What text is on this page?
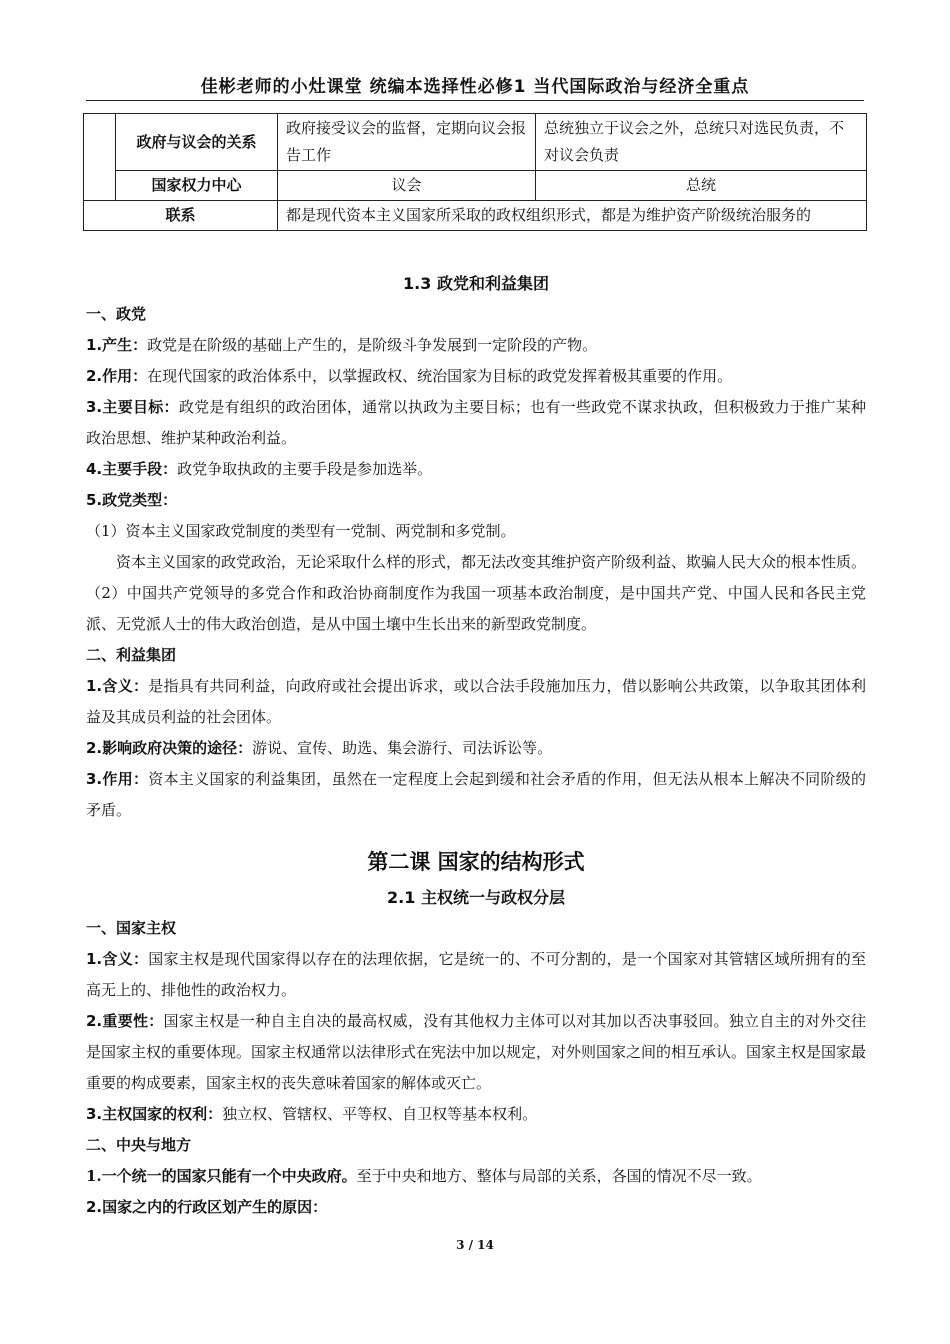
佳彬老师的小灶课堂 统编本选择性必修1 当代国际政治与经济全重点
	政府与议会的关系	政府接受议会的监督，定期向议会报告工作	总统独立于议会之外，总统只对选民负责，不对议会负责
	国家权力中心	议会	总统
联系		都是现代资本主义国家所采取的政权组织形式，都是为维护资产阶级统治服务的	
1.3 政党和利益集团
一、政党
1.产生：政党是在阶级的基础上产生的，是阶级斗争发展到一定阶段的产物。
2.作用：在现代国家的政治体系中，以掌握政权、统治国家为目标的政党发挥着极其重要的作用。
3.主要目标：政党是有组织的政治团体，通常以执政为主要目标；也有一些政党不谋求执政，但积极致力于推广某种政治思想、维护某种政治利益。
4.主要手段：政党争取执政的主要手段是参加选举。
5.政党类型：
（1）资本主义国家政党制度的类型有一党制、两党制和多党制。
资本主义国家的政党政治，无论采取什么样的形式，都无法改变其维护资产阶级利益、欺骗人民大众的根本性质。
（2）中国共产党领导的多党合作和政治协商制度作为我国一项基本政治制度，是中国共产党、中国人民和各民主党派、无党派人士的伟大政治创造，是从中国土壤中生长出来的新型政党制度。
二、利益集团
1.含义：是指具有共同利益，向政府或社会提出诉求，或以合法手段施加压力，借以影响公共政策，以争取其团体利益及其成员利益的社会团体。
2.影响政府决策的途径：游说、宣传、助选、集会游行、司法诉讼等。
3.作用：资本主义国家的利益集团，虽然在一定程度上会起到缓和社会矛盾的作用，但无法从根本上解决不同阶级的矛盾。
第二课 国家的结构形式
2.1 主权统一与政权分层
一、国家主权
1.含义：国家主权是现代国家得以存在的法理依据，它是统一的、不可分割的，是一个国家对其管辖区域所拥有的至高无上的、排他性的政治权力。
2.重要性：国家主权是一种自主自决的最高权威，没有其他权力主体可以对其加以否决事驳回。独立自主的对外交往是国家主权的重要体现。国家主权通常以法律形式在宪法中加以规定，对外则国家之间的相互承认。国家主权是国家最重要的构成要素，国家主权的丧失意味着国家的解体或灭亡。
3.主权国家的权利：独立权、管辖权、平等权、自卫权等基本权利。
二、中央与地方
1.一个统一的国家只能有一个中央政府。至于中央和地方、整体与局部的关系，各国的情况不尽一致。
2.国家之内的行政区划产生的原因：
3 / 14
